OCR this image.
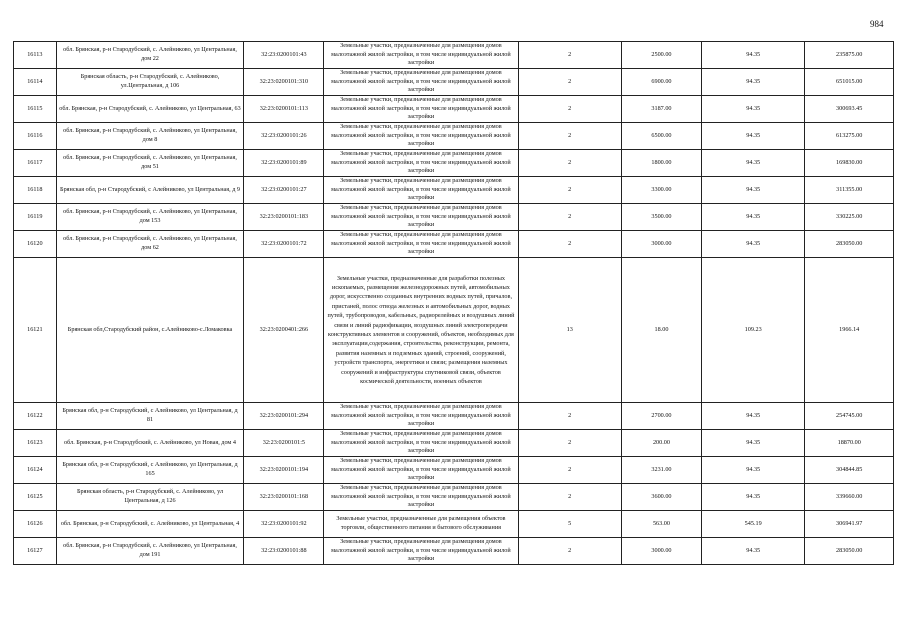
984
16113	обл. Брянская, р-н Стародубский, с. Алейниково, ул Центральная, дом 22	32:23:0200101:43	Земельные участки, предназначенные для размещения домов малоэтажной жилой застройки, в том числе индивидуальной жилой застройки	2	2500.00	94.35	235875.00
16114	Брянская область, р-н Стародубский, с. Алейниково, ул.Центральная, д 106	32:23:0200101:310	Земельные участки, предназначенные для размещения домов малоэтажной жилой застройки, в том числе индивидуальной жилой застройки	2	6900.00	94.35	651015.00
16115	обл. Брянская, р-н Стародубский, с. Алейниково, ул Центральная, 63	32:23:0200101:113	Земельные участки, предназначенные для размещения домов малоэтажной жилой застройки, в том числе индивидуальной жилой застройки	2	3187.00	94.35	300693.45
16116	обл. Брянская, р-н Стародубский, с. Алейниково, ул Центральная, дом 8	32:23:0200101:26	Земельные участки, предназначенные для размещения домов малоэтажной жилой застройки, в том числе индивидуальной жилой застройки	2	6500.00	94.35	613275.00
16117	обл. Брянская, р-н Стародубский, с. Алейниково, ул Центральная, дом 51	32:23:0200101:89	Земельные участки, предназначенные для размещения домов малоэтажной жилой застройки, в том числе индивидуальной жилой застройки	2	1800.00	94.35	169830.00
16118	Брянская обл, р-н Стародубский, с Алейниково, ул Центральная, д 9	32:23:0200101:27	Земельные участки, предназначенные для размещения домов малоэтажной жилой застройки, в том числе индивидуальной жилой застройки	2	3300.00	94.35	311355.00
16119	обл. Брянская, р-н Стародубский, с. Алейниково, ул Центральная, дом 153	32:23:0200101:183	Земельные участки, предназначенные для размещения домов малоэтажной жилой застройки, в том числе индивидуальной жилой застройки	2	3500.00	94.35	330225.00
16120	обл. Брянская, р-н Стародубский, с. Алейниково, ул Центральная, дом 62	32:23:0200101:72	Земельные участки, предназначенные для размещения домов малоэтажной жилой застройки, в том числе индивидуальной жилой застройки	2	3000.00	94.35	283050.00
16121	Брянская обл,Стародубский район, с.Алейниково-с.Ломаковка	32:23:0200401:266	Земельные участки, предназначенные для разработки полезных ископаемых, размещения железнодорожных путей, автомобильных дорог, искусственно созданных внутренних водных путей, причалов, пристаней, полос отвода железных и автомобильных дорог, водных путей, трубопроводов, кабельных, радиорелейных и воздушных линий связи и линий радиофикации, воздушных линий электропередачи конструктивных элементов и сооружений, объектов, необходимых для эксплуатации,содержания, строительства, реконструкции, ремонта, развития наземных и подземных зданий, строений, сооружений, устройств транспорта, энергетики и связи; размещения наземных сооружений и инфраструктуры спутниковой связи, объектов космической деятельности, военных объектов	13	18.00	109.23	1966.14
16122	Брянская обл, р-н Стародубский, с Алейниково, ул Центральная, д 81	32:23:0200101:294	Земельные участки, предназначенные для размещения домов малоэтажной жилой застройки, в том числе индивидуальной жилой застройки	2	2700.00	94.35	254745.00
16123	обл. Брянская, р-н Стародубский, с. Алейниково, ул Новая, дом 4	32:23:0200101:5	Земельные участки, предназначенные для размещения домов малоэтажной жилой застройки, в том числе индивидуальной жилой застройки	2	200.00	94.35	18870.00
16124	Брянская обл, р-н Стародубский, с Алейниково, ул Центральная, д 165	32:23:0200101:194	Земельные участки, предназначенные для размещения домов малоэтажной жилой застройки, в том числе индивидуальной жилой застройки	2	3231.00	94.35	304844.85
16125	Брянская область, р-н Стародубский, с. Алейниково, ул Центральная, д 126	32:23:0200101:168	Земельные участки, предназначенные для размещения домов малоэтажной жилой застройки, в том числе индивидуальной жилой застройки	2	3600.00	94.35	339660.00
16126	обл. Брянская, р-н Стародубский, с. Алейниково, ул Центральная, 4	32:23:0200101:92	Земельные участки, предназначенные для размещения объектов торговли, общественного питания и бытового обслуживания	5	563.00	545.19	306941.97
16127	обл. Брянская, р-н Стародубский, с. Алейниково, ул Центральная, дом 191	32:23:0200101:88	Земельные участки, предназначенные для размещения домов малоэтажной жилой застройки, в том числе индивидуальной жилой застройки	2	3000.00	94.35	283050.00
